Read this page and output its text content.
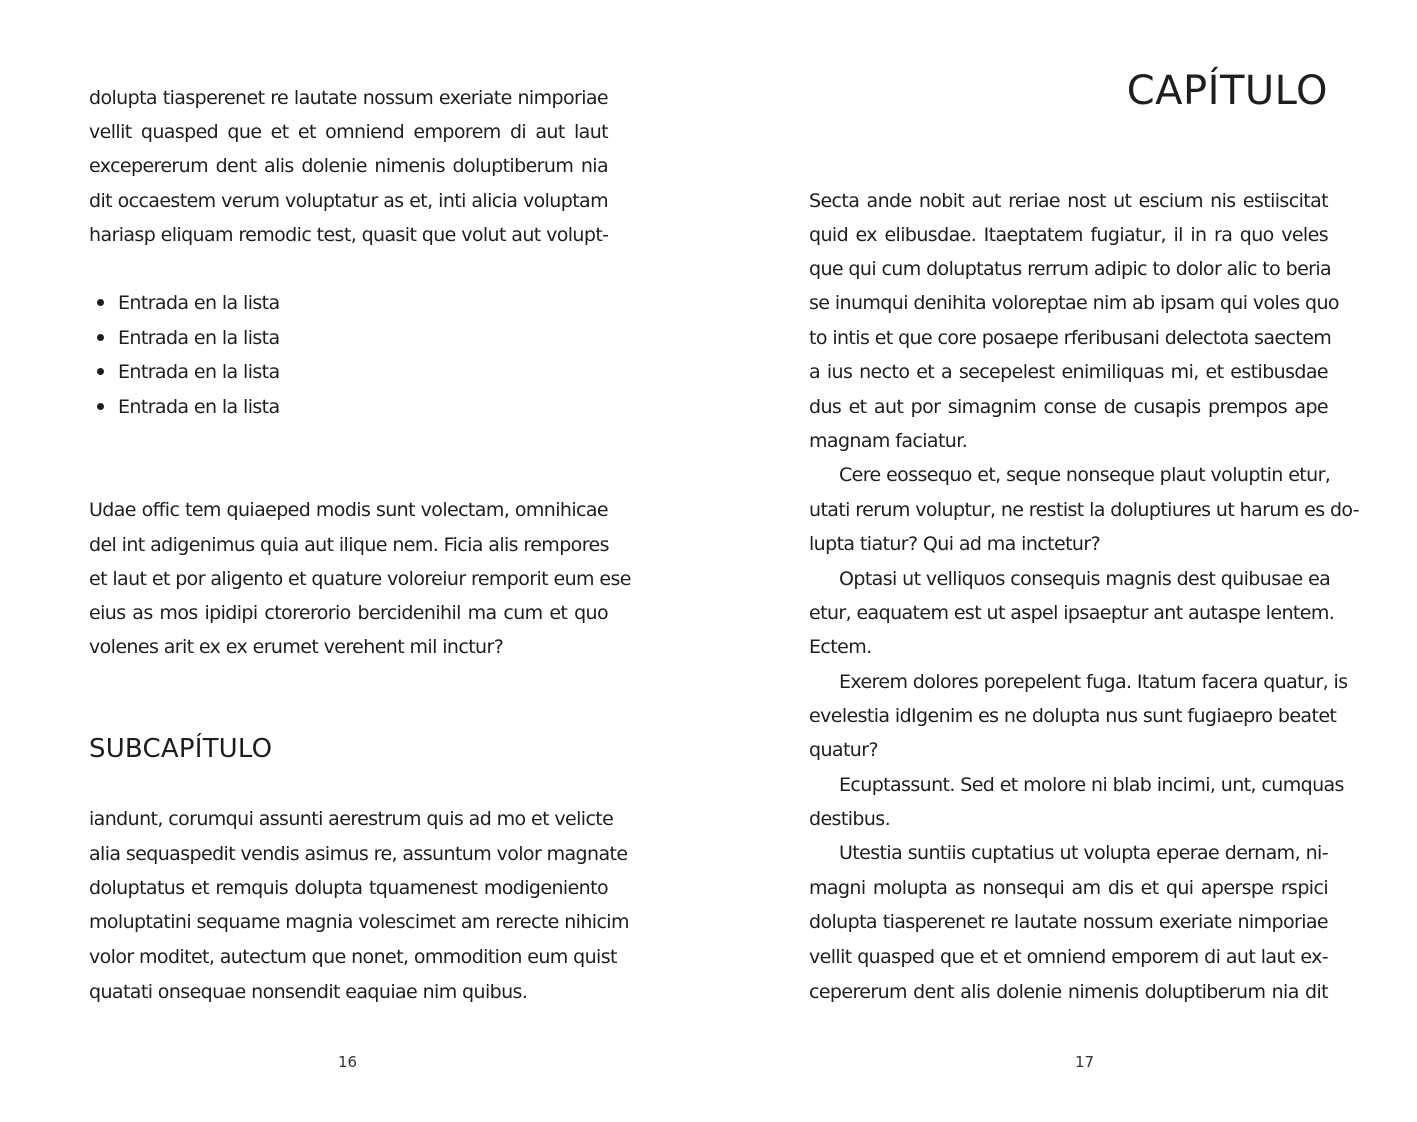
dolupta tiasperenet re lautate nossum exeriate nimporiae
vellit quasped que et et omniend emporem di aut laut
excepererum dent alis dolenie nimenis doluptiberum nia
dit occaestem verum voluptatur as et, inti alicia voluptam
hariasp eliquam remodic test, quasit que volut aut volupt-
Entrada en la lista
Entrada en la lista
Entrada en la lista
Entrada en la lista
Udae offic tem quiaeped modis sunt volectam, omnihicae
del int adigenimus quia aut ilique nem. Ficia alis rempores
et laut et por aligento et quature voloreiur remporit eum ese
eius as mos ipidipi ctorerorio bercidenihil ma cum et quo
volenes arit ex ex erumet verehent mil inctur?
SUBCAPÍTULO
iandunt, corumqui assunti aerestrum quis ad mo et velicte
alia sequaspedit vendis asimus re, assuntum volor magnate
doluptatus et remquis dolupta tquamenest modigeniento
moluptatini sequame magnia volescimet am rerecte nihicim
volor moditet, autectum que nonet, ommodition eum quist
quatati onsequae nonsendit eaquiae nim quibus.
16
CAPÍTULO
Secta ande nobit aut reriae nost ut escium nis estiiscitat
quid ex elibusdae. Itaeptatem fugiatur, il in ra quo veles
que qui cum doluptatus rerrum adipic to dolor alic to beria
se inumqui denihita voloreptae nim ab ipsam qui voles quo
to intis et que core posaepe rferibusani delectota saectem
a ius necto et a secepelest enimiliquas mi, et estibusdae
dus et aut por simagnim conse de cusapis prempos ape
magnam faciatur.
Cere eossequo et, seque nonseque plaut voluptin etur,
utati rerum voluptur, ne restist la doluptiures ut harum es do-
lupta tiatur? Qui ad ma inctetur?
Optasi ut velliquos consequis magnis dest quibusae ea
etur, eaquatem est ut aspel ipsaeptur ant autaspe lentem.
Ectem.
Exerem dolores porepelent fuga. Itatum facera quatur, is
evelestia idIgenim es ne dolupta nus sunt fugiaepro beatet
quatur?
Ecuptassunt. Sed et molore ni blab incimi, unt, cumquas
destibus.
Utestia suntiis cuptatius ut volupta eperae dernam, ni-
magni molupta as nonsequi am dis et qui aperspe rspici
dolupta tiasperenet re lautate nossum exeriate nimporiae
vellit quasped que et et omniend emporem di aut laut ex-
cepererum dent alis dolenie nimenis doluptiberum nia dit
17
